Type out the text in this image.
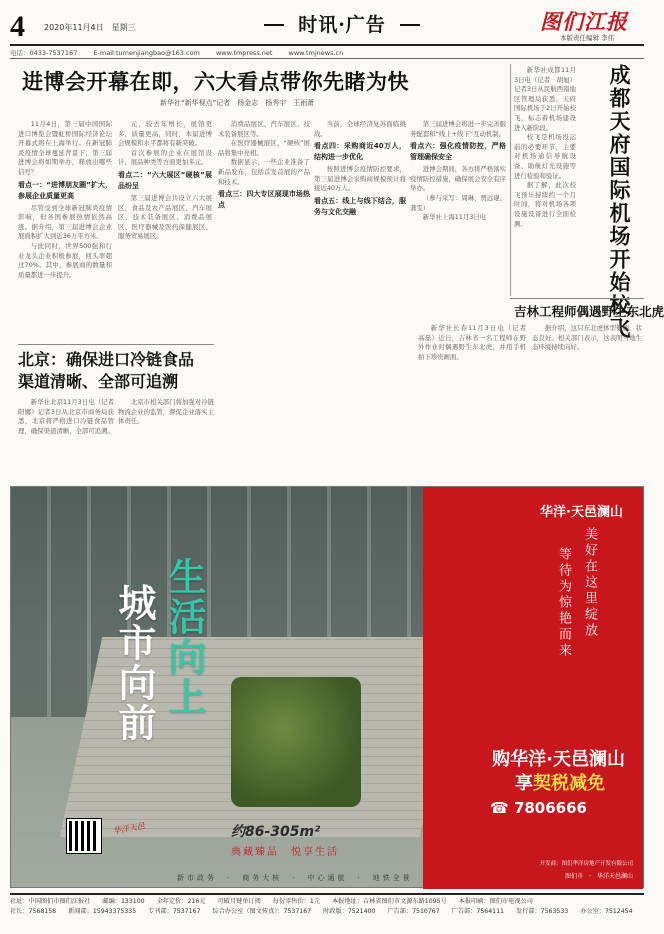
4 2020年11月4日　星期三	时讯·广告	图们江报
本版责任编辑 李伟
电话：0433-7537167 E-mail:tumenjiangbao@163.com www.tmpress.net www.tmjnews.cn
进博会开幕在即，六大看点带你先睹为快
新华社“新华视点”记者　杨金志　杨秀宇　王雨萧
11月4日，第三届中国国际进口博览会暨虹桥国际经济论坛开幕式将在上海举行。在新冠肺炎疫情全球蔓延背景下，第三届进博会将如期举办，释放出哪些信号？
看点一：“进博朋友圈”扩大，参展企业质量更高
尽管受到全球新冠肺炎疫情影响，但各国参展热情依然高涨。据介绍，第三届进博会企业展面积扩大到近36万平方米。
与此同时，世界500强和行业龙头企业积极参展，回头率超过70%。其中，参展商的数量和质量都进一步提升。
元，较去年增长，展馆更多，质量更高，同时，本届进博会规模和水平都将有新突破。
首次参展的企业在展馆设计、展品种类等方面更加多元。
看点二：“六大展区”硬核”展品纷呈
第三届进博会共设立六大展区，食品及农产品展区、汽车展区、技术装备展区、消费品展区、医疗器械及医药保健展区、服务贸易展区。
消费品展区、汽车展区、技术装备展区等。
在医疗器械展区，“硬核”展品将集中亮相。
数据显示，一些企业准备了新品发布，包括首发首展的产品和技术。
看点三：四大专区展现市场热点
当前，全球经济复苏面临挑战。
看点四：采购商近40万人，结构进一步优化
按照进博会疫情防控要求，第三届进博会采购商规模预计将接近40万人。
看点五：线上与线下结合，服务与文化交融
第三届进博会将进一步完善服务配套和“线上+线下”互动机制。
看点六：强化疫情防控，严格管理确保安全
进博会期间，各方将严格落实疫情防控措施，确保展会安全有序举办。
（参与采写：周琳、贾远琨、龚雯）
新华社上海11月3日电
新华社成都11月3日电（记者　胡旭）记者3日从民航西南地区管理局获悉，天府国际机场于2日开始校飞，标志着机场建设进入新阶段。
校飞是机场投运前的必要环节，主要对机场通信导航设备、助航灯光设施等进行检验和验证。
据了解，此次校飞预计持续约一个月时间，将对机场各项设施设备进行全面检测。	成都天府国际机场开始校飞
吉林工程师偶遇野生东北虎
新华社长春11月3日电（记者　高磊）近日，吉林省一名工程师在野外作业时偶遇野生东北虎，并用手机拍下珍贵画面。
据介绍，这只东北虎体型健硕，状态良好。相关部门表示，这表明当地生态环境持续向好。
北京：确保进口冷链食品
渠道清晰、全部可追溯
新华社北京11月3日电（记者　阳娜）记者3日从北京市商务局获悉，北京将严格进口冷链食品管理，确保渠道清晰、全部可追溯。
北京市相关部门将加强对冷链物流企业的监管，督促企业落实主体责任。
城市向前 生活向上
华洋·天邑澜山
等待为惊艳而来 美好在这里绽放
购华洋·天邑澜山
享契税减免
☎ 7806666
约86-305m²
典藏臻品　悦享生活
华洋天邑
新市政务　·　商务大核　·　中心通航　·　地铁全景
开发商：图们华洋房地产开发有限公司
图们市　·　华洋天邑澜山
社址：中国图们市图们江报社 邮编：133100 全年定价：216元 可破月键单订阅 每份零售价：1元 本报地址：吉林省图们市文源东路1095号 本报印刷：图们市电视公司
社长：7568158 新闻部：15943375335 专刊部：7537167 综合办公室（图文传真）：7537167 时政版：7521400 广告部：7510767 广告部：7564111 发行部：7563533 办公室：7512454
